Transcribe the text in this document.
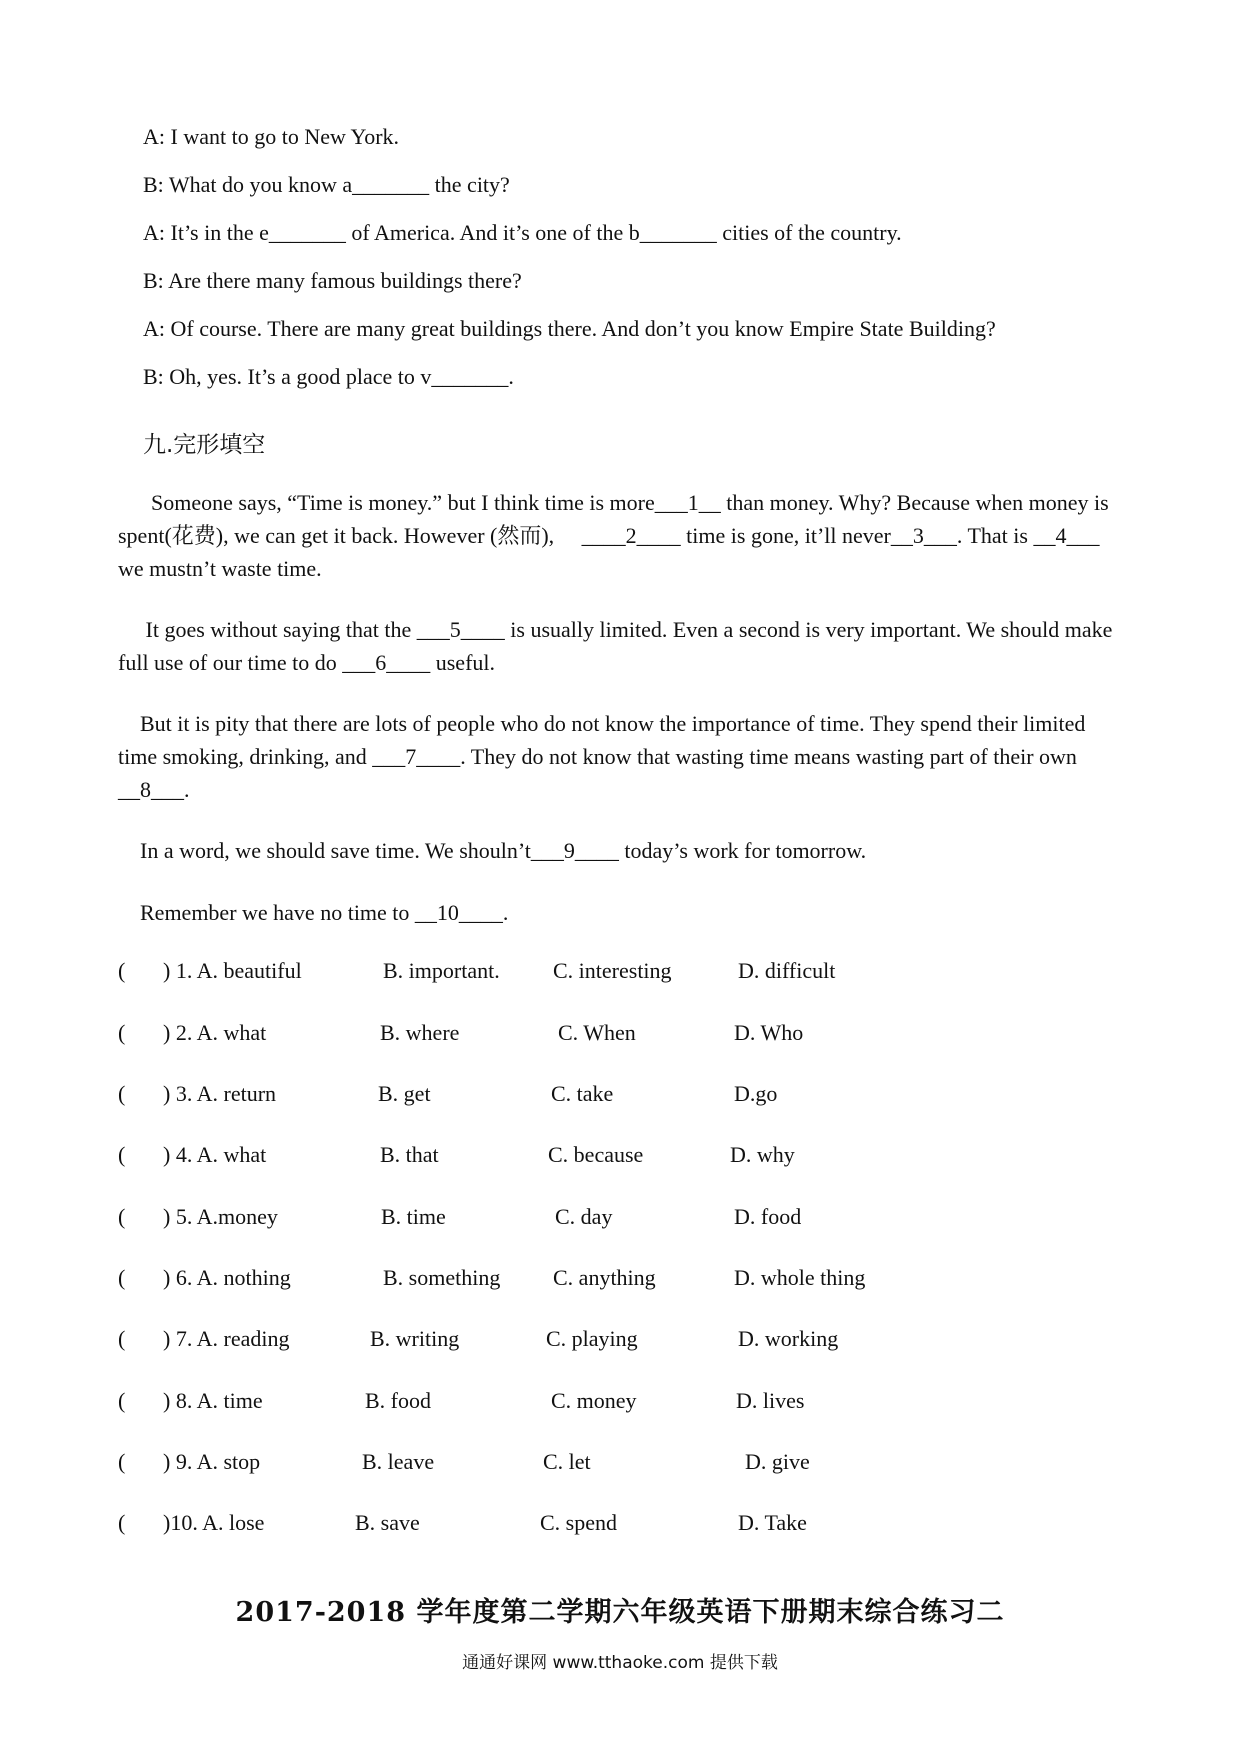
A: I want to go to New York.
B: What do you know a_______ the city?
A: It’s in the e_______ of America. And it’s one of the b_______ cities of the country.
B: Are there many famous buildings there?
A: Of course. There are many great buildings there. And don’t you know Empire State Building?
B: Oh, yes. It’s a good place to v_______.
九.完形填空
Someone says, “Time is money.” but I think time is more___1__ than money. Why? Because when money is spent(花费), we can get it back. However (然而),     ____2____ time is gone, it’ll never__3___. That is __4___ we mustn’t waste time.
It goes without saying that the ___5____ is usually limited. Even a second is very important. We should make full use of our time to do ___6____ useful.
But it is pity that there are lots of people who do not know the importance of time. They spend their limited time smoking, drinking, and ___7____. They do not know that wasting time means wasting part of their own __8___.
In a word, we should save time. We shouln’t___9____ today’s work for tomorrow.
Remember we have no time to __10____.
( ) 1. A. beautiful	B. important. C. interesting	D. difficult
( ) 2. A. what	B. where	C. When	D. Who
( ) 3. A. return	B. get	C. take	D.go
( ) 4. A. what	B. that	C. because	D. why
( ) 5. A.money	B. time	C. day	D. food
( ) 6. A. nothing	B. something C. anything	D. whole thing
( ) 7. A. reading	B. writing	C. playing	D. working
( ) 8. A. time	B. food	C. money	D. lives
( ) 9. A. stop	B. leave	C. let	D. give
( )10. A. lose	B. save	C. spend	D. Take
2017-2018 学年度第二学期六年级英语下册期末综合练习二
通通好课网 www.tthaoke.com 提供下载
